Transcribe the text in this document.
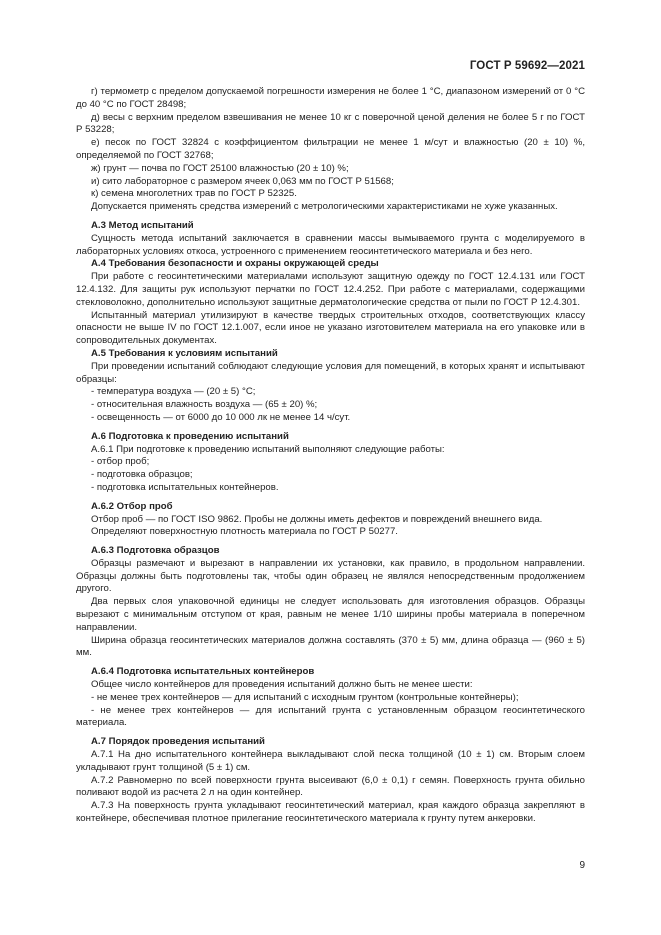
ГОСТ Р 59692—2021

г) термометр с пределом допускаемой погрешности измерения не более 1 °С, диапазоном измерений от 0 °С до 40 °С по ГОСТ 28498;

д) весы с верхним пределом взвешивания не менее 10 кг с поверочной ценой деления не более 5 г по ГОСТ Р 53228;

е) песок по ГОСТ 32824 с коэффициентом фильтрации не менее 1 м/сут и влажностью (20 ± 10) %, определяемой по ГОСТ 32768;

ж) грунт — почва по ГОСТ 25100 влажностью (20 ± 10) %;

и) сито лабораторное с размером ячеек 0,063 мм по ГОСТ Р 51568;

к) семена многолетних трав по ГОСТ Р 52325.

Допускается применять средства измерений с метрологическими характеристиками не хуже указанных.

А.3 Метод испытаний

Сущность метода испытаний заключается в сравнении массы вымываемого грунта с моделируемого в лабораторных условиях откоса, устроенного с применением геосинтетического материала и без него.

А.4 Требования безопасности и охраны окружающей среды

При работе с геосинтетическими материалами используют защитную одежду по ГОСТ 12.4.131 или ГОСТ 12.4.132. Для защиты рук используют перчатки по ГОСТ 12.4.252. При работе с материалами, содержащими стекловолокно, дополнительно используют защитные дерматологические средства от пыли по ГОСТ Р 12.4.301.

Испытанный материал утилизируют в качестве твердых строительных отходов, соответствующих классу опасности не выше IV по ГОСТ 12.1.007, если иное не указано изготовителем материала на его упаковке или в сопроводительных документах.

А.5 Требования к условиям испытаний

При проведении испытаний соблюдают следующие условия для помещений, в которых хранят и испытывают образцы:

- температура воздуха — (20 ± 5) °С;

- относительная влажность воздуха — (65 ± 20) %;

- освещенность — от 6000 до 10 000 лк не менее 14 ч/сут.

А.6 Подготовка к проведению испытаний

А.6.1 При подготовке к проведению испытаний выполняют следующие работы:

- отбор проб;

- подготовка образцов;

- подготовка испытательных контейнеров.

А.6.2 Отбор проб

Отбор проб — по ГОСТ ISO 9862. Пробы не должны иметь дефектов и повреждений внешнего вида.

Определяют поверхностную плотность материала по ГОСТ Р 50277.

А.6.3 Подготовка образцов

Образцы размечают и вырезают в направлении их установки, как правило, в продольном направлении. Образцы должны быть подготовлены так, чтобы один образец не являлся непосредственным продолжением другого.

Два первых слоя упаковочной единицы не следует использовать для изготовления образцов. Образцы вырезают с минимальным отступом от края, равным не менее 1/10 ширины пробы материала в поперечном направлении.

Ширина образца геосинтетических материалов должна составлять (370 ± 5) мм, длина образца — (960 ± 5) мм.

А.6.4 Подготовка испытательных контейнеров

Общее число контейнеров для проведения испытаний должно быть не менее шести:

- не менее трех контейнеров — для испытаний с исходным грунтом (контрольные контейнеры);

- не менее трех контейнеров — для испытаний грунта с установленным образцом геосинтетического материала.

А.7 Порядок проведения испытаний

А.7.1 На дно испытательного контейнера выкладывают слой песка толщиной (10 ± 1) см. Вторым слоем укладывают грунт толщиной (5 ± 1) см.

А.7.2 Равномерно по всей поверхности грунта высеивают (6,0 ± 0,1) г семян. Поверхность грунта обильно поливают водой из расчета 2 л на один контейнер.

А.7.3 На поверхность грунта укладывают геосинтетический материал, края каждого образца закрепляют в контейнере, обеспечивая плотное прилегание геосинтетического материала к грунту путем анкеровки.

9
